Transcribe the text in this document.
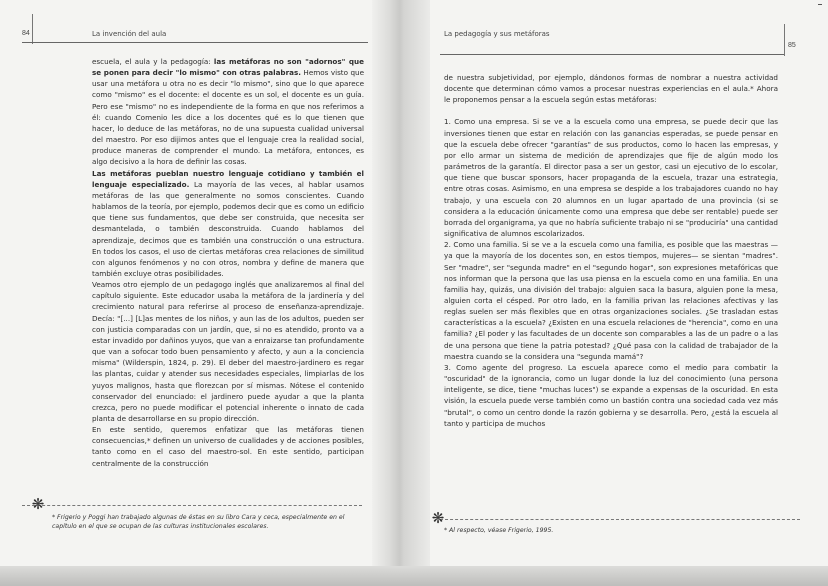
84	La invención del aula

escuela, el aula y la pedagogía: las metáforas no son "adornos" que se ponen para decir "lo mismo" con otras palabras. Hemos visto que usar una metáfora u otra no es decir "lo mismo", sino que lo que aparece como "mismo" es el docente: el docente es un sol, el docente es un guía. Pero ese "mismo" no es independiente de la forma en que nos referimos a él: cuando Comenio les dice a los docentes qué es lo que tienen que hacer, lo deduce de las metáforas, no de una supuesta cualidad universal del maestro. Por eso dijimos antes que el lenguaje crea la realidad social, produce maneras de comprender el mundo. La metáfora, entonces, es algo decisivo a la hora de definir las cosas.

Las metáforas pueblan nuestro lenguaje cotidiano y también el lenguaje especializado. La mayoría de las veces, al hablar usamos metáforas de las que generalmente no somos conscientes. Cuando hablamos de la teoría, por ejemplo, podemos decir que es como un edificio que tiene sus fundamentos, que debe ser construida, que necesita ser desmantelada, o también desconstruida. Cuando hablamos del aprendizaje, decimos que es también una construcción o una estructura. En todos los casos, el uso de ciertas metáforas crea relaciones de similitud con algunos fenómenos y no con otros, nombra y define de manera que también excluye otras posibilidades.

Veamos otro ejemplo de un pedagogo inglés que analizaremos al final del capítulo siguiente. Este educador usaba la metáfora de la jardinería y del crecimiento natural para referirse al proceso de enseñanza-aprendizaje. Decía: "[...] [L]as mentes de los niños, y aun las de los adultos, pueden ser con justicia comparadas con un jardín, que, si no es atendido, pronto va a estar invadido por dañinos yuyos, que van a enraizarse tan profundamente que van a sofocar todo buen pensamiento y afecto, y aun a la conciencia misma" (Wilderspin, 1824, p. 29). El deber del maestro-jardinero es regar las plantas, cuidar y atender sus necesidades especiales, limpiarlas de los yuyos malignos, hasta que florezcan por sí mismas. Nótese el contenido conservador del enunciado: el jardinero puede ayudar a que la planta crezca, pero no puede modificar el potencial inherente o innato de cada planta de desarrollarse en su propio dirección.

En este sentido, queremos enfatizar que las metáforas tienen consecuencias,* definen un universo de cualidades y de acciones posibles, tanto como en el caso del maestro-sol. En este sentido, participan centralmente de la construcción

❋
* Frigerio y Poggi han trabajado algunas de éstas en su libro Cara y ceca, especialmente en el capítulo en el que se ocupan de las culturas institucionales escolares.
La pedagogía y sus metáforas
85

de nuestra subjetividad, por ejemplo, dándonos formas de nombrar a nuestra actividad docente que determinan cómo vamos a procesar nuestras experiencias en el aula.* Ahora le proponemos pensar a la escuela según estas metáforas:

1. Como una empresa. Si se ve a la escuela como una empresa, se puede decir que las inversiones tienen que estar en relación con las ganancias esperadas, se puede pensar en que la escuela debe ofrecer "garantías" de sus productos, como lo hacen las empresas, y por ello armar un sistema de medición de aprendizajes que fije de algún modo los parámetros de la garantía. El director pasa a ser un gestor, casi un ejecutivo de lo escolar, que tiene que buscar sponsors, hacer propaganda de la escuela, trazar una estrategia, entre otras cosas. Asimismo, en una empresa se despide a los trabajadores cuando no hay trabajo, y una escuela con 20 alumnos en un lugar apartado de una provincia (si se considera a la educación únicamente como una empresa que debe ser rentable) puede ser borrada del organigrama, ya que no habría suficiente trabajo ni se "produciría" una cantidad significativa de alumnos escolarizados.

2. Como una familia. Si se ve a la escuela como una familia, es posible que las maestras —ya que la mayoría de los docentes son, en estos tiempos, mujeres— se sientan "madres". Ser "madre", ser "segunda madre" en el "segundo hogar", son expresiones metafóricas que nos informan que la persona que las usa piensa en la escuela como en una familia. En una familia hay, quizás, una división del trabajo: alguien saca la basura, alguien pone la mesa, alguien corta el césped. Por otro lado, en la familia privan las relaciones afectivas y las reglas suelen ser más flexibles que en otras organizaciones sociales. ¿Se trasladan estas características a la escuela? ¿Existen en una escuela relaciones de "herencia", como en una familia? ¿El poder y las facultades de un docente son comparables a las de un padre o a las de una persona que tiene la patria potestad? ¿Qué pasa con la calidad de trabajador de la maestra cuando se la considera una "segunda mamá"?

3. Como agente del progreso. La escuela aparece como el medio para combatir la "oscuridad" de la ignorancia, como un lugar donde la luz del conocimiento (una persona inteligente, se dice, tiene "muchas luces") se expande a expensas de la oscuridad. En esta visión, la escuela puede verse también como un bastión contra una sociedad cada vez más "brutal", o como un centro donde la razón gobierna y se desarrolla. Pero, ¿está la escuela al tanto y participa de muchos

❋
* Al respecto, véase Frigerio, 1995.
